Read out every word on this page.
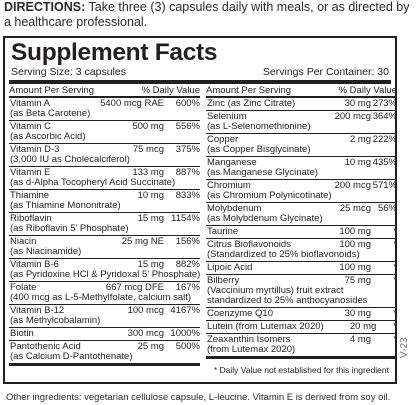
DIRECTIONS: Take three (3) capsules daily with meals, or as directed by a healthcare professional.
Supplement Facts
Serving Size: 3 capsules	Servings Per Container: 30
Amount Per Serving	% Daily Value
Vitamin A	5400 mcg RAE	600%
(as Beta Carotene)
Vitamin C	500 mg	556%
(as Ascorbic Acid)
Vitamin D-3	75 mcg	375%
(3,000 IU as Cholecalciferol)
Vitamin E	133 mg	887%
(as d-Alpha Tocopheryl Acid Succinate)
Thiamine	10 mg	833%
(as Thiamine Mononitrate)
Riboflavin	15 mg 1154%
(as Riboflavin 5' Phosphate)
Niacin	25 mg NE	156%
(as Niacinamide)
Vitamin B-6	15 mg	882%
(as Pyridoxine HCl & Pyridoxal 5' Phosphate)
Folate	667 mcg DFE	167%
(400 mcg as L-5-Methylfolate, calcium salt)
Vitamin B-12	100 mcg 4167%
(as Methylcobalamin)
Biotin	300 mcg 1000%
Pantothenic Acid	25 mg	500%
(as Calcium D-Pantothenate)
Amount Per Serving	% Daily Value
Zinc (as Zinc Citrate)	30 mg 273%
Selenium	200 mcg 364%
(as L-Selenomethionine)
Copper	2 mg 222%
(as Copper Bisglycinate)
Manganese	10 mg 435%
(as Manganese Glycinate)
Chromium	200 mcg 571%
(as Chromium Polynicotinate)
Molybdenum	25 mcg 56%
(as Molybdenum Glycinate)
Taurine	100 mg	*
Citrus Bioflavonoids	100 mg	*
(Standardized to 25% bioflavonoids)
Lipoic Acid	100 mg	*
Bilberry	75 mg	*
(Vaccinium myrtillus) fruit extract
standardized to 25% anthocyanosides
Coenzyme Q10	30 mg	*
Lutein (from Lutemax 2020)	20 mg	*
Zeaxanthin Isomers	4 mg	*
(from Lutemax 2020)
* Daily Value not established for this ingredient
V-23
Other ingredients: vegetarian cellulose capsule, L-leucine. Vitamin E is derived from soy oil.
